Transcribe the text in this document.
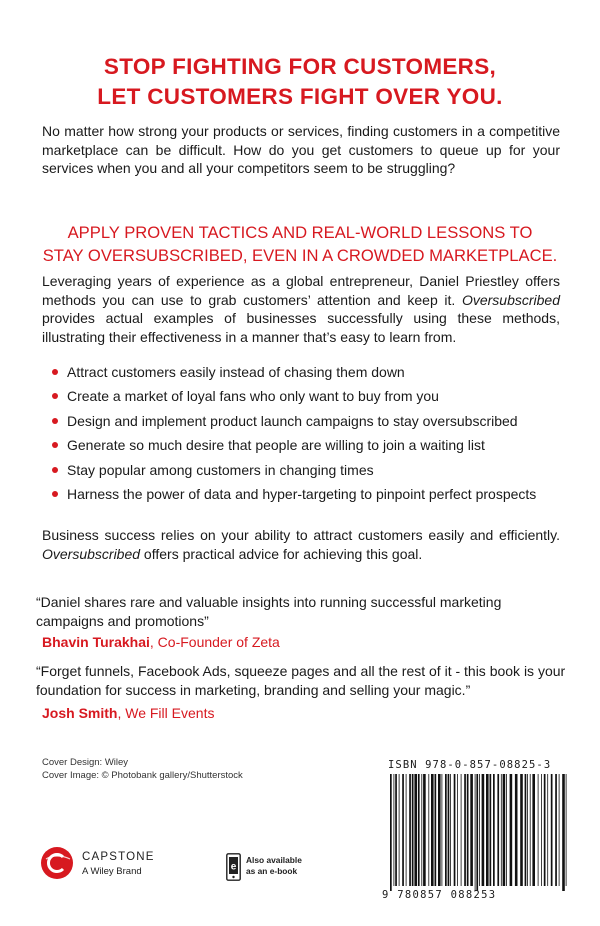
STOP FIGHTING FOR CUSTOMERS,
LET CUSTOMERS FIGHT OVER YOU.

No matter how strong your products or services, finding customers in a competitive marketplace can be difficult. How do you get customers to queue up for your services when you and all your competitors seem to be struggling?

APPLY PROVEN TACTICS AND REAL-WORLD LESSONS TO
STAY OVERSUBSCRIBED, EVEN IN A CROWDED MARKETPLACE.

Leveraging years of experience as a global entrepreneur, Daniel Priestley offers methods you can use to grab customers’ attention and keep it. Oversubscribed provides actual examples of businesses successfully using these methods, illustrating their effectiveness in a manner that’s easy to learn from.

Attract customers easily instead of chasing them down
Create a market of loyal fans who only want to buy from you
Design and implement product launch campaigns to stay oversubscribed
Generate so much desire that people are willing to join a waiting list
Stay popular among customers in changing times
Harness the power of data and hyper-targeting to pinpoint perfect prospects

Business success relies on your ability to attract customers easily and efficiently. Oversubscribed offers practical advice for achieving this goal.

“Daniel shares rare and valuable insights into running successful marketing campaigns and promotions”

Bhavin Turakhai, Co-Founder of Zeta

“Forget funnels, Facebook Ads, squeeze pages and all the rest of it - this book is your foundation for success in marketing, branding and selling your magic.”

Josh Smith, We Fill Events

Cover Design: Wiley
Cover Image: © Photobank gallery/Shutterstock
ISBN 978-0-857-08825-3
9 780857 088253
CAPSTONE
A Wiley Brand	e
Also available
as an e-book
